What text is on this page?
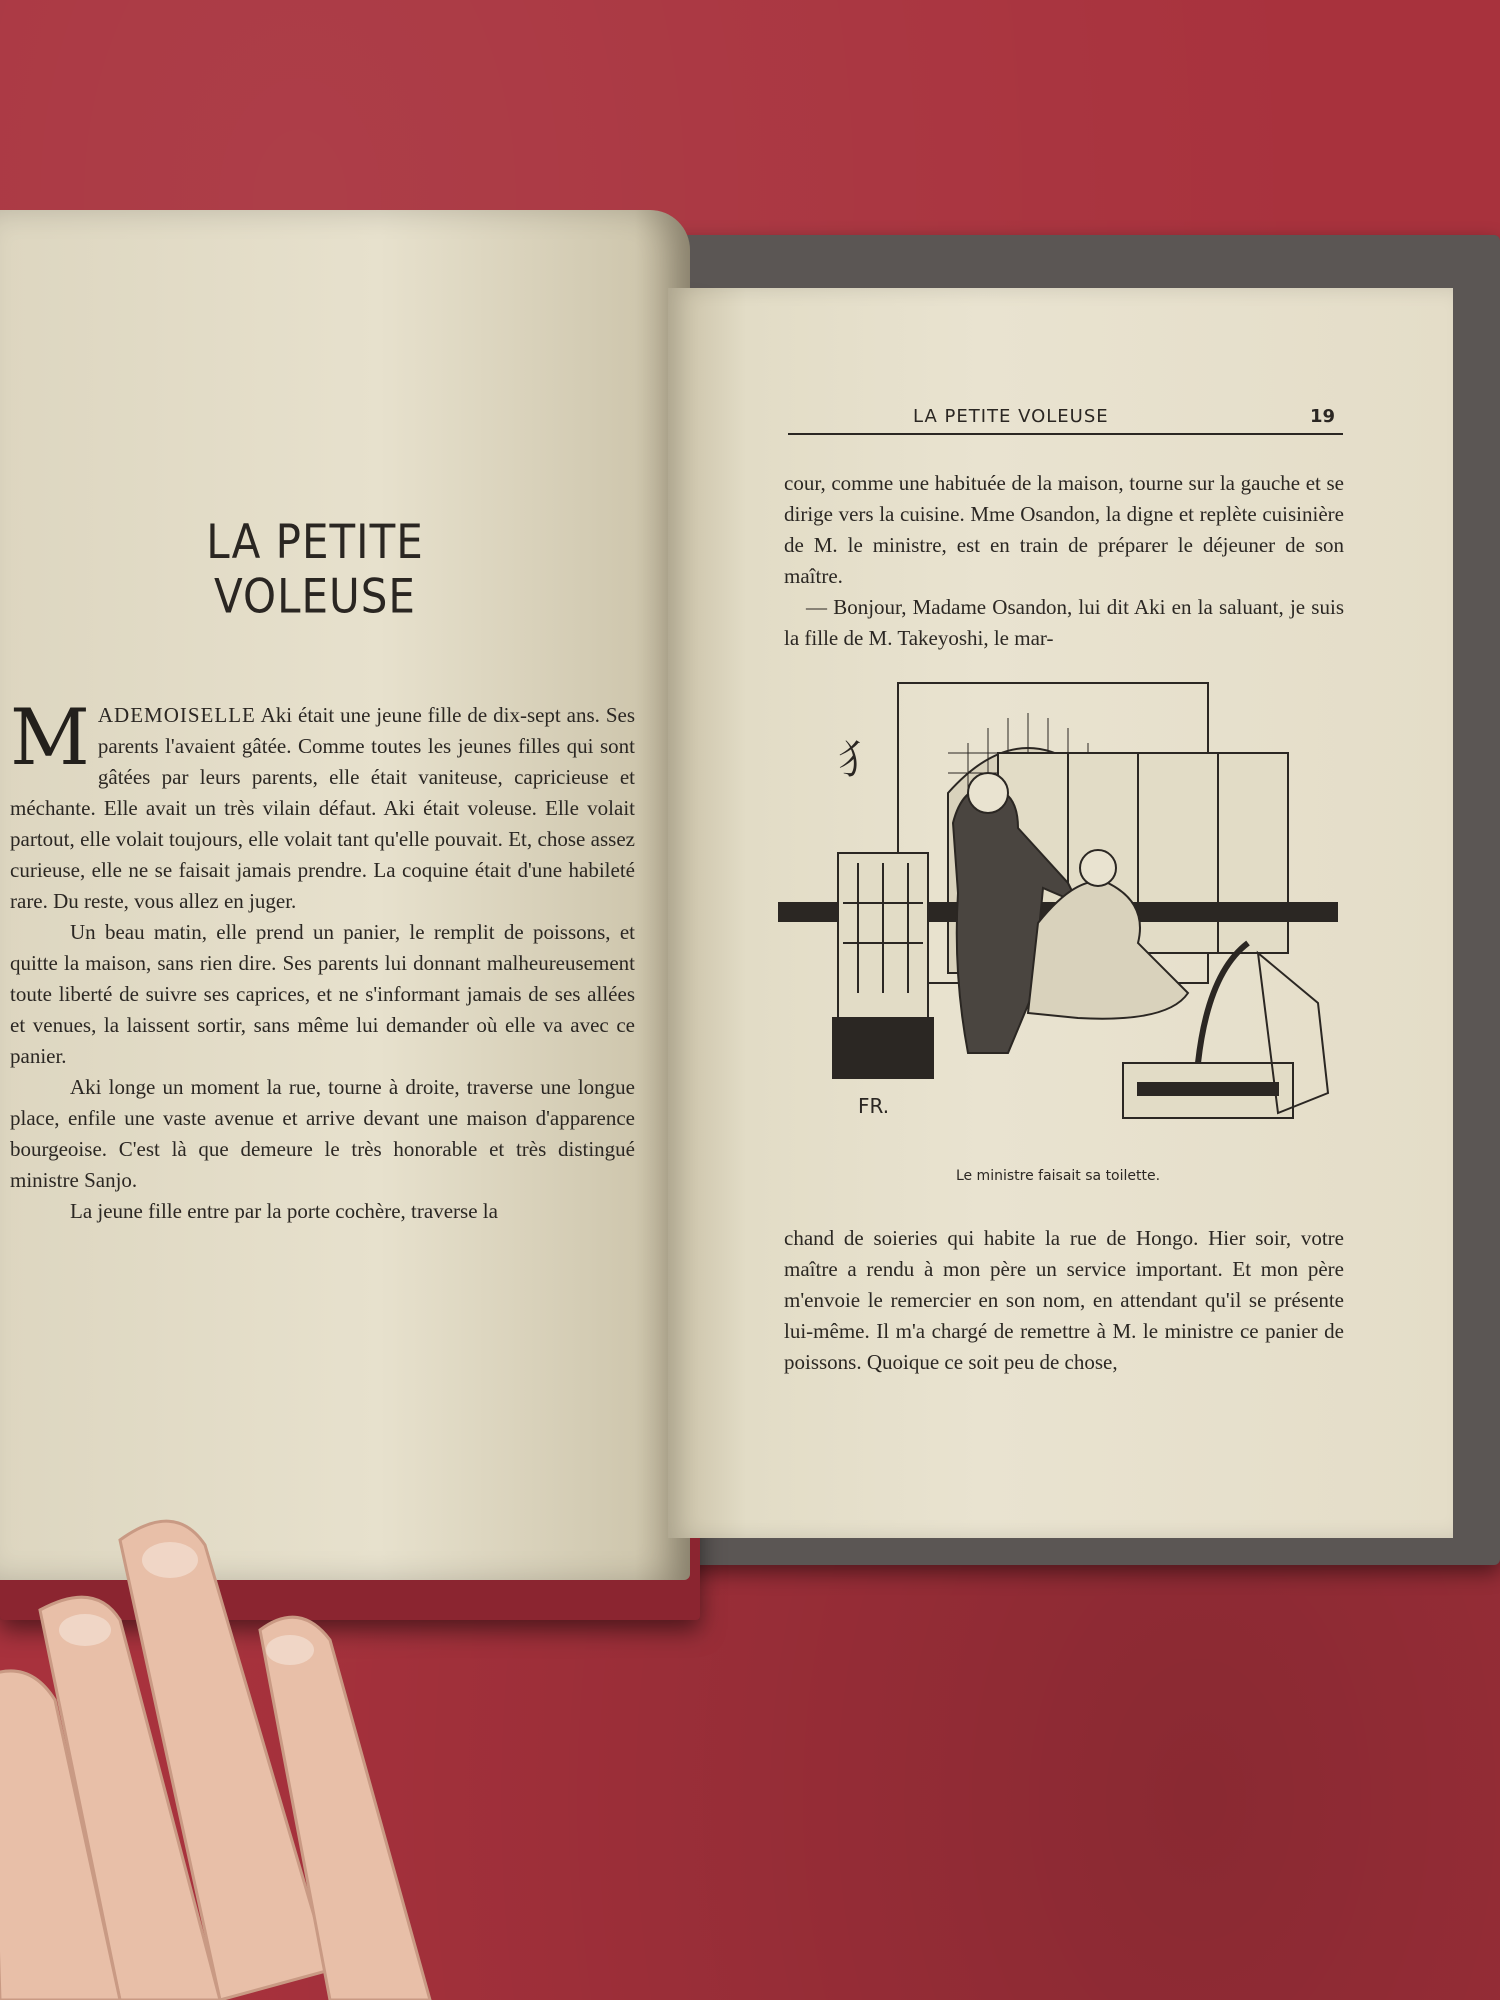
LA PETITE VOLEUSE

MADEMOISELLE Aki était une jeune fille de dix-sept ans. Ses parents l'avaient gâtée. Comme toutes les jeunes filles qui sont gâtées par leurs parents, elle était vaniteuse, capricieuse et méchante. Elle avait un très vilain défaut. Aki était voleuse. Elle volait partout, elle volait toujours, elle volait tant qu'elle pouvait. Et, chose assez curieuse, elle ne se faisait jamais prendre. La coquine était d'une habileté rare. Du reste, vous allez en juger.

Un beau matin, elle prend un panier, le remplit de poissons, et quitte la maison, sans rien dire. Ses parents lui donnant malheureusement toute liberté de suivre ses caprices, et ne s'informant jamais de ses allées et venues, la laissent sortir, sans même lui demander où elle va avec ce panier.

Aki longe un moment la rue, tourne à droite, traverse une longue place, enfile une vaste avenue et arrive devant une maison d'apparence bourgeoise. C'est là que demeure le très honorable et très distingué ministre Sanjo.

La jeune fille entre par la porte cochère, traverse la

LA PETITE VOLEUSE	19

cour, comme une habituée de la maison, tourne sur la gauche et se dirige vers la cuisine. Mme Osandon, la digne et replète cuisinière de M. le ministre, est en train de préparer le déjeuner de son maître.

— Bonjour, Madame Osandon, lui dit Aki en la saluant, je suis la fille de M. Takeyoshi, le mar-

⺨
FR.
Le ministre faisait sa toilette.

chand de soieries qui habite la rue de Hongo. Hier soir, votre maître a rendu à mon père un service important. Et mon père m'envoie le remercier en son nom, en attendant qu'il se présente lui-même. Il m'a chargé de remettre à M. le ministre ce panier de poissons. Quoique ce soit peu de chose,
